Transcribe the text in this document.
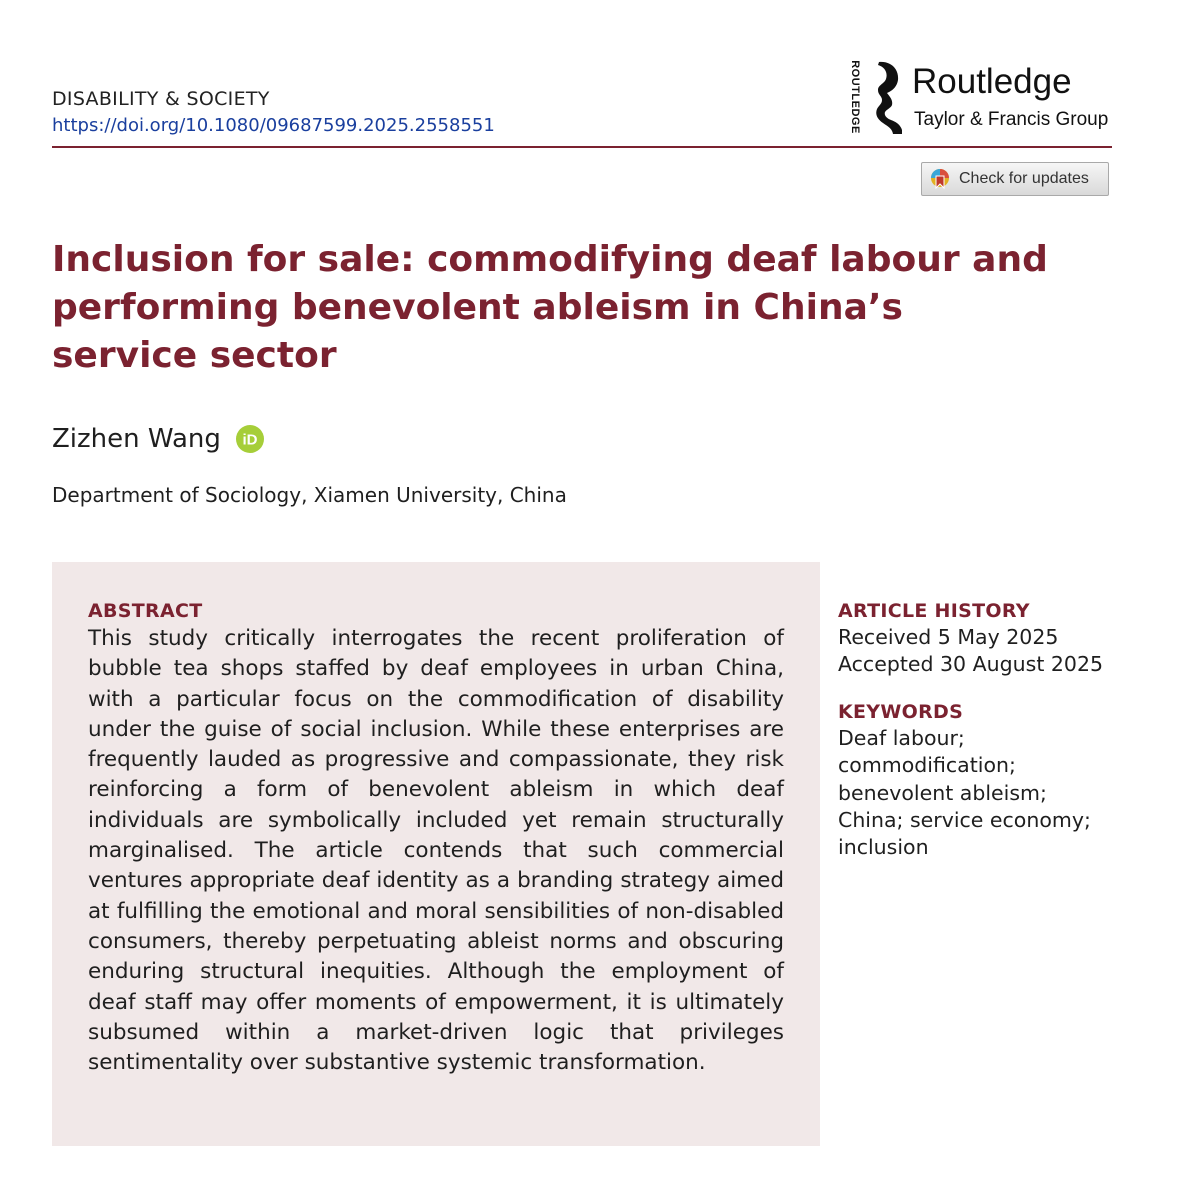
DISABILITY & SOCIETY
https://doi.org/10.1080/09687599.2025.2558551	ROUTLEDGE Routledge
Taylor & Francis Group
Check for updates
Inclusion for sale: commodifying deaf labour and performing benevolent ableism in China’s service sector
Zizhen Wang iD
Department of Sociology, Xiamen University, China
ABSTRACT

This study critically interrogates the recent proliferation of bubble tea shops staffed by deaf employees in urban China, with a particular focus on the commodification of disability under the guise of social inclusion. While these enterprises are frequently lauded as progressive and compassionate, they risk reinforcing a form of benevolent ableism in which deaf individuals are symbolically included yet remain structurally marginalised. The article contends that such commercial ventures appropriate deaf identity as a branding strategy aimed at fulfilling the emotional and moral sensibilities of non-disabled consumers, thereby perpetuating ableist norms and obscuring enduring structural inequities. Although the employment of deaf staff may offer moments of empowerment, it is ultimately subsumed within a market-driven logic that privileges sentimentality over substantive systemic transformation.

ARTICLE HISTORY
Received 5 May 2025
Accepted 30 August 2025
KEYWORDS
Deaf labour;
commodification;
benevolent ableism;
China; service economy;
inclusion
